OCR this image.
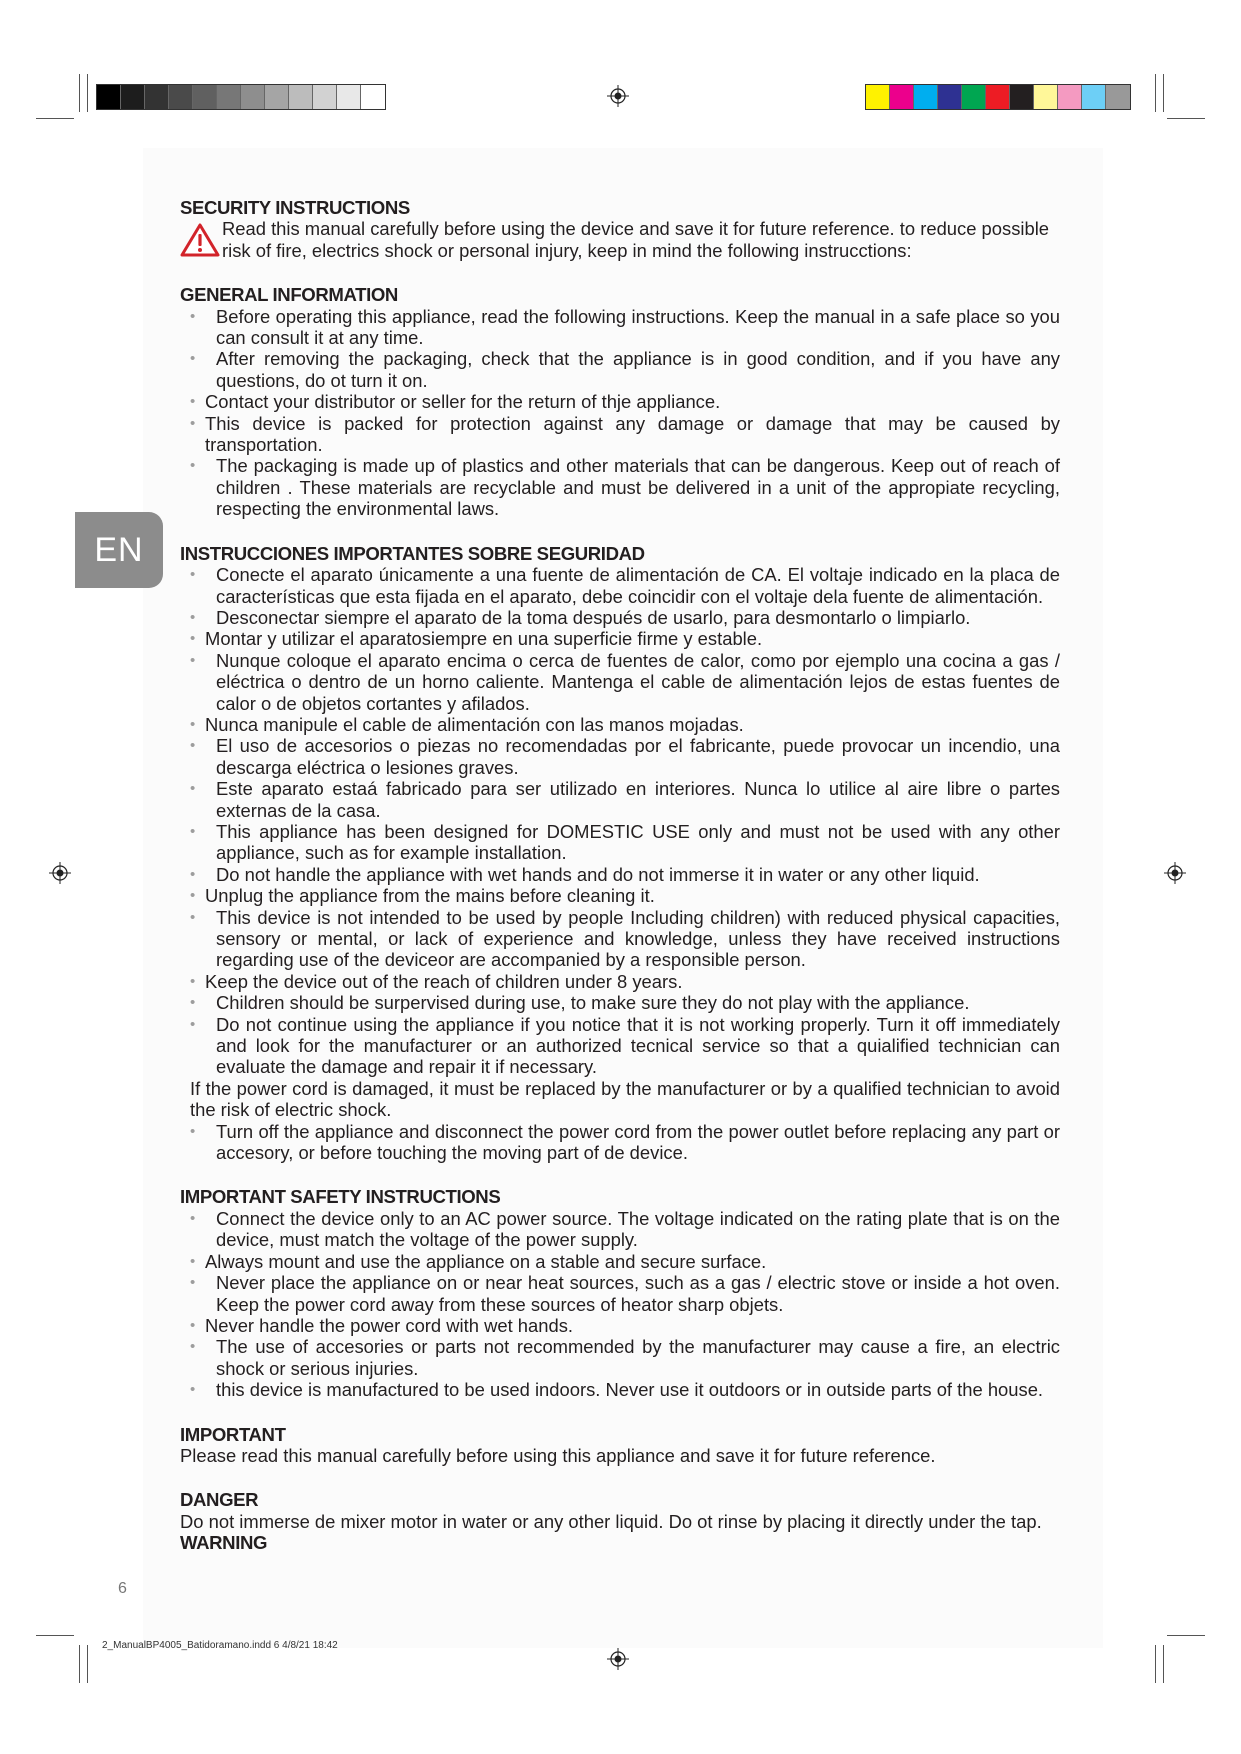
EN
SECURITY INSTRUCTIONS
Read this manual carefully before using the device and save it for future reference. to reduce possible risk of fire, electrics shock or personal injury, keep in mind the following instrucctions:
GENERAL INFORMATION
• Before operating this appliance, read the following instructions. Keep the manual in a safe place so you can consult it at any time.
• After removing the packaging, check that the appliance is in good condition, and if you have any questions, do ot turn it on.
• Contact your distributor or seller for the return of thje appliance.
• This device is packed for protection against any damage or damage that may be caused by transportation.
• The packaging is made up of plastics and other materials that can be dangerous. Keep out of reach of children . These materials are recyclable and must be delivered in a unit of the appropiate recycling, respecting the environmental laws.
INSTRUCCIONES IMPORTANTES SOBRE SEGURIDAD
• Conecte el aparato únicamente a una fuente de alimentación de CA. El voltaje indicado en la placa de características que esta fijada en el aparato, debe coincidir con el voltaje dela fuente de alimentación.
• Desconectar siempre el aparato de la toma después de usarlo, para desmontarlo o limpiarlo.
• Montar y utilizar el aparatosiempre en una superficie firme y estable.
• Nunque coloque el aparato encima o cerca de fuentes de calor, como por ejemplo una cocina a gas / eléctrica o dentro de un horno caliente. Mantenga el cable de alimentación lejos de estas fuentes de calor o de objetos cortantes y afilados.
• Nunca manipule el cable de alimentación con las manos mojadas.
• El uso de accesorios o piezas no recomendadas por el fabricante, puede provocar un incendio, una descarga eléctrica o lesiones graves.
• Este aparato estaá fabricado para ser utilizado en interiores. Nunca lo utilice al aire libre o partes externas de la casa.
• This appliance has been designed for DOMESTIC USE only and must not be used with any other appliance, such as for example installation.
• Do not handle the appliance with wet hands and do not immerse it in water or any other liquid.
• Unplug the appliance from the mains before cleaning it.
• This device is not intended to be used by people Including children) with reduced physical capacities, sensory or mental, or lack of experience and knowledge, unless they have received instructions regarding use of the deviceor are accompanied by a responsible person.
• Keep the device out of the reach of children under 8 years.
• Children should be surpervised during use, to make sure they do not play with the appliance.
• Do not continue using the appliance if you notice that it is not working properly. Turn it off immediately and look for the manufacturer or an authorized tecnical service so that a quialified technician can evaluate the damage and repair it if necessary.
If the power cord is damaged, it must be replaced by the manufacturer or by a qualified technician to avoid the risk of electric shock.
• Turn off the appliance and disconnect the power cord from the power outlet before replacing any part or accesory, or before touching the moving part of de device.
IMPORTANT SAFETY INSTRUCTIONS
• Connect the device only to an AC power source. The voltage indicated on the rating plate that is on the device, must match the voltage of the power supply.
• Always mount and use the appliance on a stable and secure surface.
• Never place the appliance on or near heat sources, such as a gas / electric stove or inside a hot oven. Keep the power cord away from these sources of heator sharp objets.
• Never handle the power cord with wet hands.
• The use of accesories or parts not recommended by the manufacturer may cause a fire, an electric shock or serious injuries.
• this device is manufactured to be used indoors. Never use it outdoors or in outside parts of the house.
IMPORTANT

Please read this manual carefully before using this appliance and save it for future reference.

DANGER

Do not immerse de mixer motor in water or any other liquid. Do ot rinse by placing it directly under the tap.

WARNING
6
2_ManualBP4005_Batidoramano.indd 6 4/8/21 18:42
